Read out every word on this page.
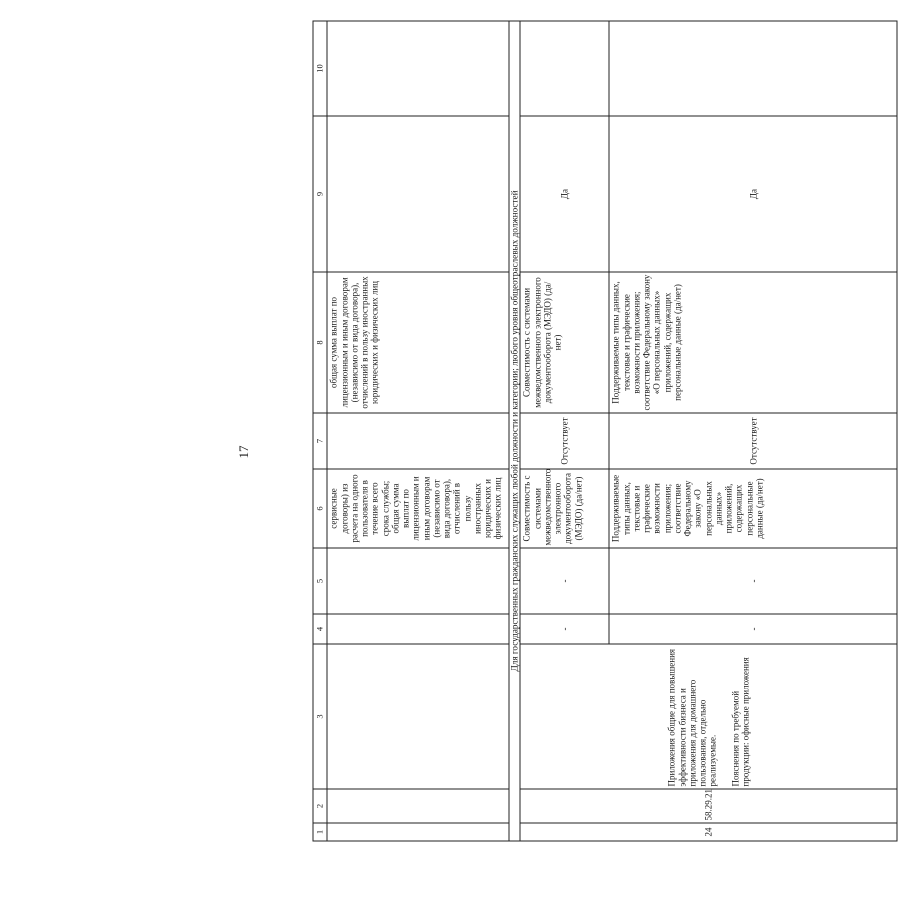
17
1	2	3	4	5	6	7	8	9	10
					сервисные договоры) из расчета на одного пользователя в течение всего срока службы; общая сумма выплат по лицензионным и иным договорам (независимо от вида договора), отчислений в пользу иностранных юридических и физических лиц		общая сумма выплат по лицензионным и иным договорам (независимо от вида договора), отчислений в пользу иностранных юридических и физических лиц		
Для государственных гражданских служащих любой должности и категории; любого уровня общеотраслевых должностей									
24	58.29.21	Приложения общие для повышения эффективности бизнеса и приложения для домашнего пользования, отдельно реализуемые. Пояснения по требуемой продукции: офисные приложения	-	-	Совместимость с системами межведомственного электронного документооборота (МЭДО) (да/нет)	Отсутствует	Совместимость с системами межведомственного электронного документооборота (МЭДО) (да/нет)	Да	
			-	-	Поддерживаемые типы данных, текстовые и графические возможности приложения; соответствие Федеральному закону «О персональных данных» приложений, содержащих персональные данные (да/нет)	Отсутствует	Поддерживаемые типы данных, текстовые и графические возможности приложения; соответствие Федеральному закону «О персональных данных» приложений, содержащих персональные данные (да/нет)	Да	
